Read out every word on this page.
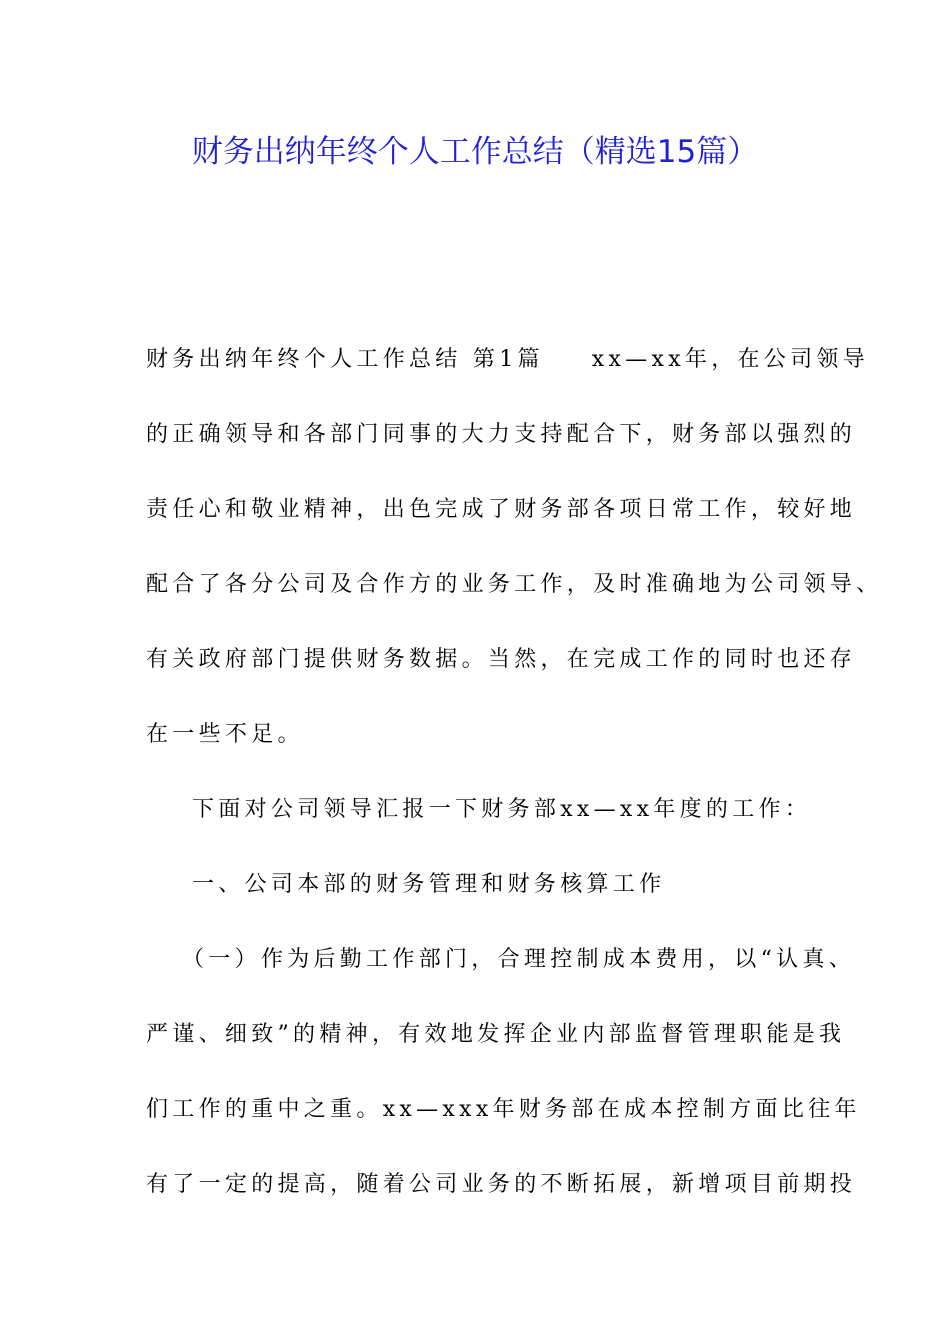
财务出纳年终个人工作总结（精选15篇）
财务出纳年终个人工作总结 第1篇 xx—xx年，在公司领导
的正确领导和各部门同事的大力支持配合下，财务部以强烈的
责任心和敬业精神，出色完成了财务部各项日常工作，较好地
配合了各分公司及合作方的业务工作，及时准确地为公司领导、
有关政府部门提供财务数据。当然，在完成工作的同时也还存
在一些不足。
下面对公司领导汇报一下财务部xx—xx年度的工作：
一、公司本部的财务管理和财务核算工作
（一）作为后勤工作部门，合理控制成本费用，以“认真、
严谨、细致”的精神，有效地发挥企业内部监督管理职能是我
们工作的重中之重。xx—xxx年财务部在成本控制方面比往年
有了一定的提高，随着公司业务的不断拓展，新增项目前期投
